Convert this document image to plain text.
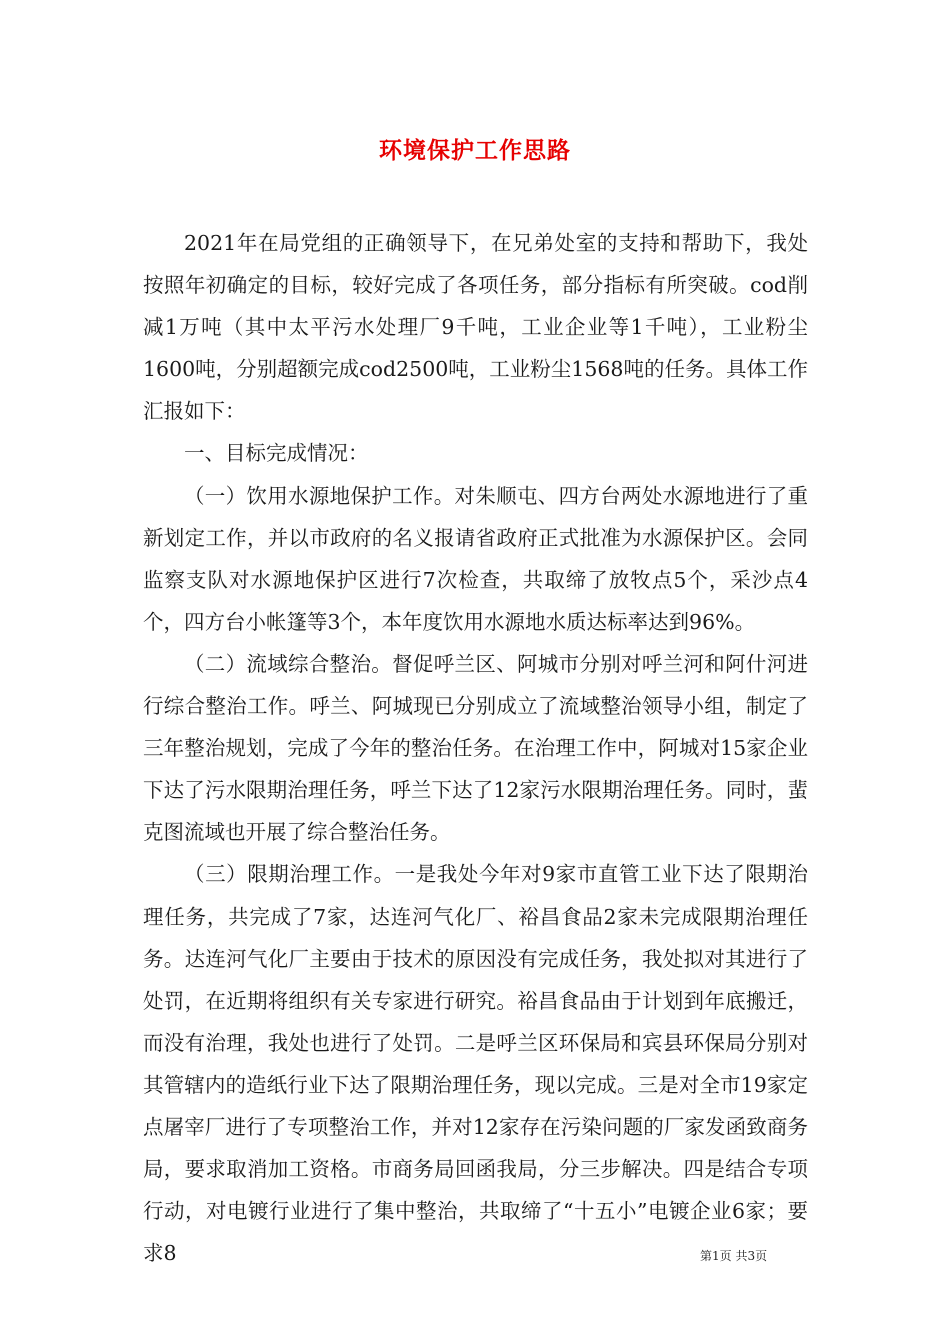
环境保护工作思路

2021年在局党组的正确领导下，在兄弟处室的支持和帮助下，我处按照年初确定的目标，较好完成了各项任务，部分指标有所突破。cod削减1万吨（其中太平污水处理厂9千吨，工业企业等1千吨），工业粉尘1600吨，分别超额完成cod2500吨，工业粉尘1568吨的任务。具体工作汇报如下：

一、目标完成情况：

（一）饮用水源地保护工作。对朱顺屯、四方台两处水源地进行了重新划定工作，并以市政府的名义报请省政府正式批准为水源保护区。会同监察支队对水源地保护区进行7次检查，共取缔了放牧点5个，采沙点4个，四方台小帐篷等3个，本年度饮用水源地水质达标率达到96%。

（二）流域综合整治。督促呼兰区、阿城市分别对呼兰河和阿什河进行综合整治工作。呼兰、阿城现已分别成立了流域整治领导小组，制定了三年整治规划，完成了今年的整治任务。在治理工作中，阿城对15家企业下达了污水限期治理任务，呼兰下达了12家污水限期治理任务。同时，蜚克图流域也开展了综合整治任务。

（三）限期治理工作。一是我处今年对9家市直管工业下达了限期治理任务，共完成了7家，达连河气化厂、裕昌食品2家未完成限期治理任务。达连河气化厂主要由于技术的原因没有完成任务，我处拟对其进行了处罚，在近期将组织有关专家进行研究。裕昌食品由于计划到年底搬迁，而没有治理，我处也进行了处罚。二是呼兰区环保局和宾县环保局分别对其管辖内的造纸行业下达了限期治理任务，现以完成。三是对全市19家定点屠宰厂进行了专项整治工作，并对12家存在污染问题的厂家发函致商务局，要求取消加工资格。市商务局回函我局，分三步解决。四是结合专项行动，对电镀行业进行了集中整治，共取缔了“十五小”电镀企业6家；要求8	第1页 共3页
